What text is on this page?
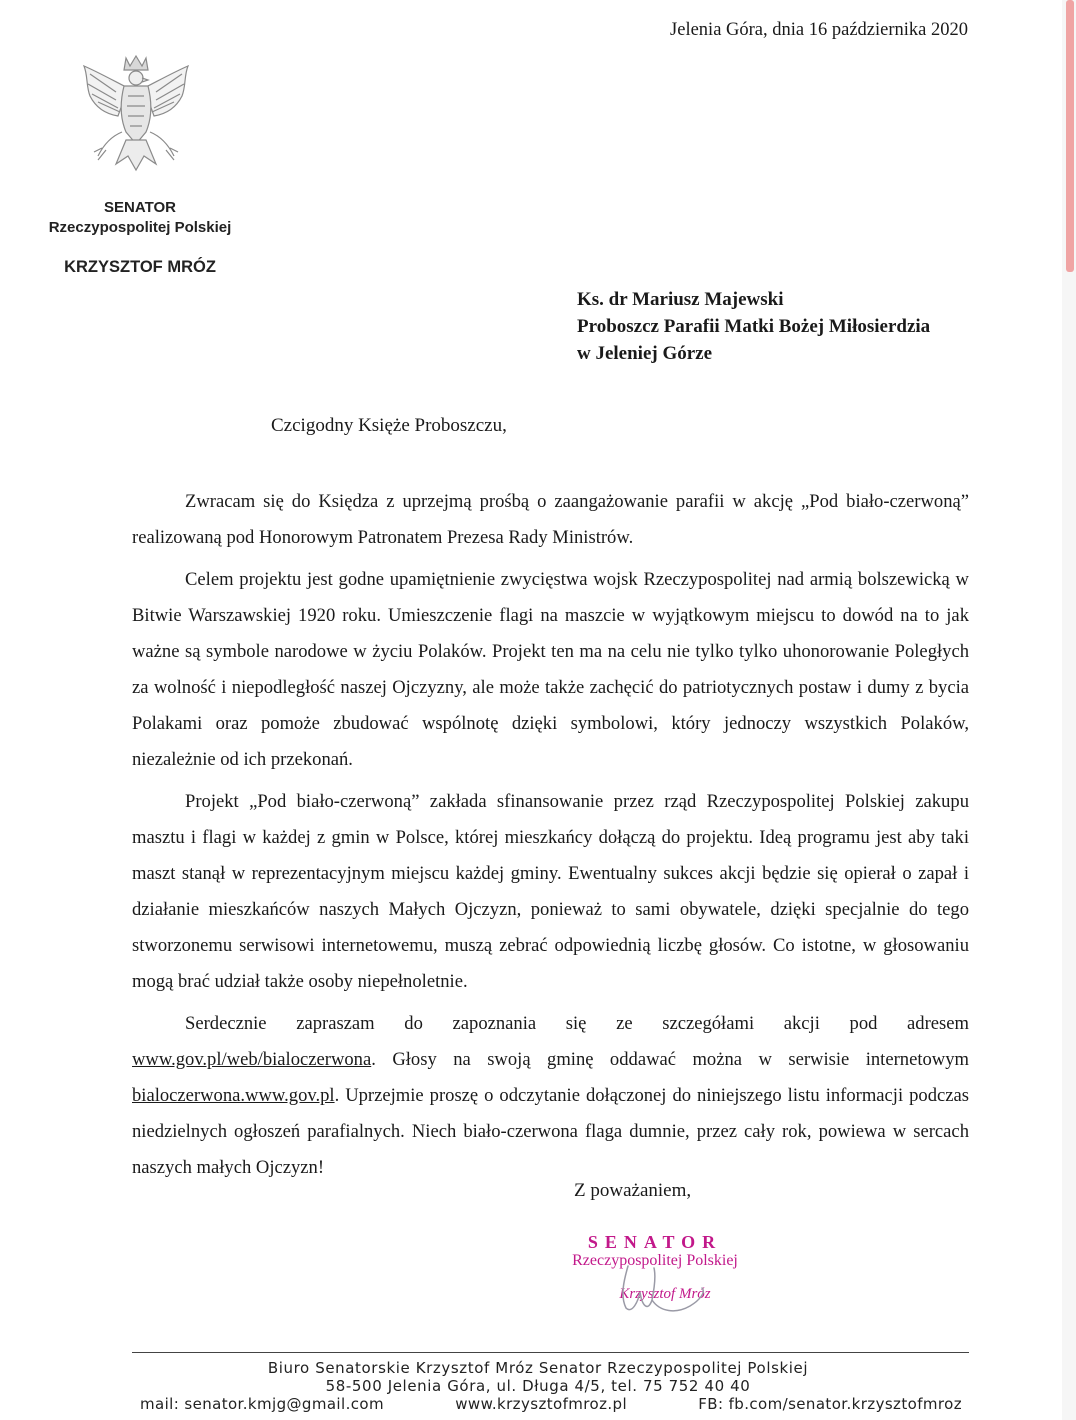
SENATOR
Rzeczypospolitej Polskiej
KRZYSZTOF MRÓZ
Jelenia Góra, dnia 16 października 2020
Ks. dr Mariusz Majewski
Proboszcz Parafii Matki Bożej Miłosierdzia
w Jeleniej Górze
Czcigodny Księże Proboszczu,

Zwracam się do Księdza z uprzejmą prośbą o zaangażowanie parafii w akcję „Pod biało-czerwoną” realizowaną pod Honorowym Patronatem Prezesa Rady Ministrów.

Celem projektu jest godne upamiętnienie zwycięstwa wojsk Rzeczypospolitej nad armią bolszewicką w Bitwie Warszawskiej 1920 roku. Umieszczenie flagi na maszcie w wyjątkowym miejscu to dowód na to jak ważne są symbole narodowe w życiu Polaków. Projekt ten ma na celu nie tylko tylko uhonorowanie Poległych za wolność i niepodległość naszej Ojczyzny, ale może także zachęcić do patriotycznych postaw i dumy z bycia Polakami oraz pomoże zbudować wspólnotę dzięki symbolowi, który jednoczy wszystkich Polaków, niezależnie od ich przekonań.

Projekt „Pod biało-czerwoną” zakłada sfinansowanie przez rząd Rzeczypospolitej Polskiej zakupu masztu i flagi w każdej z gmin w Polsce, której mieszkańcy dołączą do projektu. Ideą programu jest aby taki maszt stanął w reprezentacyjnym miejscu każdej gminy. Ewentualny sukces akcji będzie się opierał o zapał i działanie mieszkańców naszych Małych Ojczyzn, ponieważ to sami obywatele, dzięki specjalnie do tego stworzonemu serwisowi internetowemu, muszą zebrać odpowiednią liczbę głosów. Co istotne, w głosowaniu mogą brać udział także osoby niepełnoletnie.

Serdecznie zapraszam do zapoznania się ze szczegółami akcji pod adresem www.gov.pl/web/bialoczerwona. Głosy na swoją gminę oddawać można w serwisie internetowym bialoczerwona.www.gov.pl. Uprzejmie proszę o odczytanie dołączonej do niniejszego listu informacji podczas niedzielnych ogłoszeń parafialnych. Niech biało-czerwona flaga dumnie, przez cały rok, powiewa w sercach naszych małych Ojczyzn!

Z poważaniem,
SENATOR
Rzeczypospolitej Polskiej
Krzysztof Mróz
Biuro Senatorskie Krzysztof Mróz Senator Rzeczypospolitej Polskiej
58-500 Jelenia Góra, ul. Długa 4/5, tel. 75 752 40 40
mail: senator.kmjg@gmail.com	www.krzysztofmroz.pl	FB: fb.com/senator.krzysztofmroz
